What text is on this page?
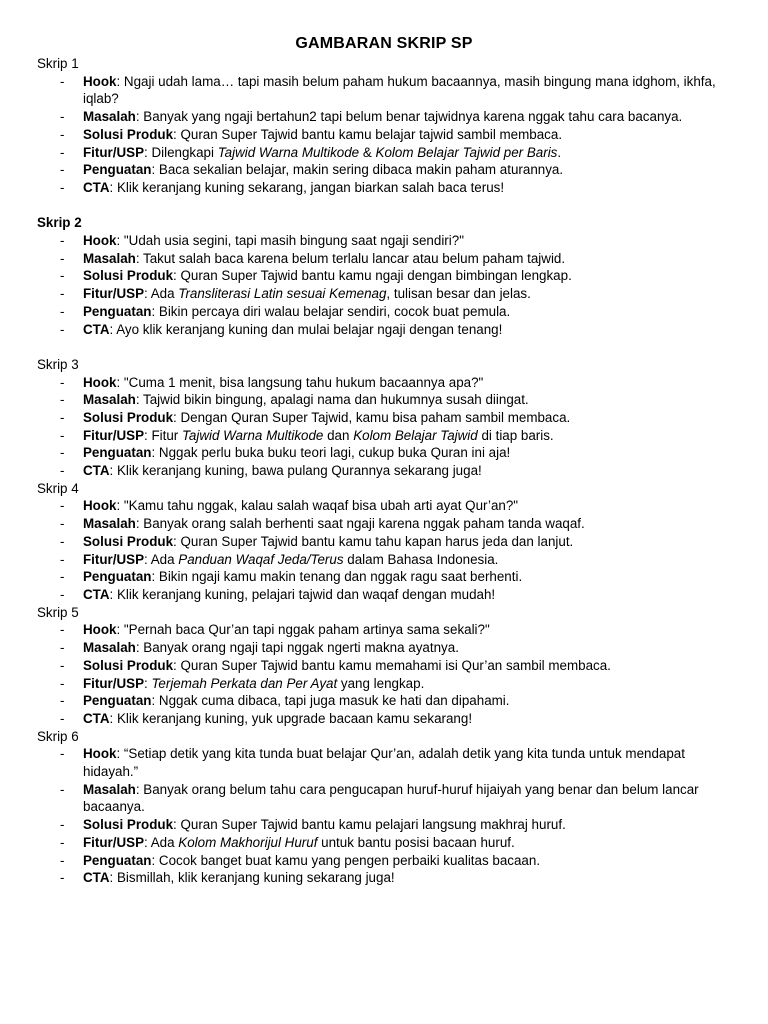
GAMBARAN SKRIP SP
Skrip 1
- Hook: Ngaji udah lama… tapi masih belum paham hukum bacaannya, masih bingung mana idghom, ikhfa, iqlab?
- Masalah: Banyak yang ngaji bertahun2 tapi belum benar tajwidnya karena nggak tahu cara bacanya.
- Solusi Produk: Quran Super Tajwid bantu kamu belajar tajwid sambil membaca.
- Fitur/USP: Dilengkapi Tajwid Warna Multikode & Kolom Belajar Tajwid per Baris.
- Penguatan: Baca sekalian belajar, makin sering dibaca makin paham aturannya.
- CTA: Klik keranjang kuning sekarang, jangan biarkan salah baca terus!
Skrip 2
- Hook: "Udah usia segini, tapi masih bingung saat ngaji sendiri?"
- Masalah: Takut salah baca karena belum terlalu lancar atau belum paham tajwid.
- Solusi Produk: Quran Super Tajwid bantu kamu ngaji dengan bimbingan lengkap.
- Fitur/USP: Ada Transliterasi Latin sesuai Kemenag, tulisan besar dan jelas.
- Penguatan: Bikin percaya diri walau belajar sendiri, cocok buat pemula.
- CTA: Ayo klik keranjang kuning dan mulai belajar ngaji dengan tenang!
Skrip 3
- Hook: "Cuma 1 menit, bisa langsung tahu hukum bacaannya apa?"
- Masalah: Tajwid bikin bingung, apalagi nama dan hukumnya susah diingat.
- Solusi Produk: Dengan Quran Super Tajwid, kamu bisa paham sambil membaca.
- Fitur/USP: Fitur Tajwid Warna Multikode dan Kolom Belajar Tajwid di tiap baris.
- Penguatan: Nggak perlu buka buku teori lagi, cukup buka Quran ini aja!
- CTA: Klik keranjang kuning, bawa pulang Qurannya sekarang juga!
Skrip 4
- Hook: "Kamu tahu nggak, kalau salah waqaf bisa ubah arti ayat Qur’an?"
- Masalah: Banyak orang salah berhenti saat ngaji karena nggak paham tanda waqaf.
- Solusi Produk: Quran Super Tajwid bantu kamu tahu kapan harus jeda dan lanjut.
- Fitur/USP: Ada Panduan Waqaf Jeda/Terus dalam Bahasa Indonesia.
- Penguatan: Bikin ngaji kamu makin tenang dan nggak ragu saat berhenti.
- CTA: Klik keranjang kuning, pelajari tajwid dan waqaf dengan mudah!
Skrip 5
- Hook: "Pernah baca Qur’an tapi nggak paham artinya sama sekali?"
- Masalah: Banyak orang ngaji tapi nggak ngerti makna ayatnya.
- Solusi Produk: Quran Super Tajwid bantu kamu memahami isi Qur’an sambil membaca.
- Fitur/USP: Terjemah Perkata dan Per Ayat yang lengkap.
- Penguatan: Nggak cuma dibaca, tapi juga masuk ke hati dan dipahami.
- CTA: Klik keranjang kuning, yuk upgrade bacaan kamu sekarang!
Skrip 6
- Hook: “Setiap detik yang kita tunda buat belajar Qur’an, adalah detik yang kita tunda untuk mendapat hidayah.”
- Masalah: Banyak orang belum tahu cara pengucapan huruf-huruf hijaiyah yang benar dan belum lancar bacaanya.
- Solusi Produk: Quran Super Tajwid bantu kamu pelajari langsung makhraj huruf.
- Fitur/USP: Ada Kolom Makhorijul Huruf untuk bantu posisi bacaan huruf.
- Penguatan: Cocok banget buat kamu yang pengen perbaiki kualitas bacaan.
- CTA: Bismillah, klik keranjang kuning sekarang juga!
